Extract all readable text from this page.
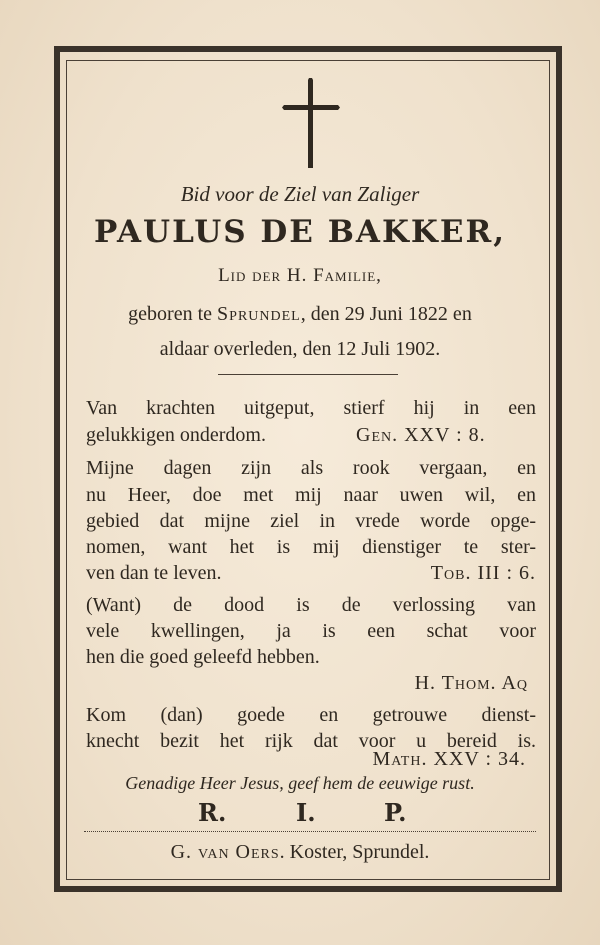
Bid voor de Ziel van Zaliger
PAULUS DE BAKKER,
Lid der H. Familie,
geboren te Sprundel, den 29 Juni 1822 en
aldaar overleden, den 12 Juli 1902.
Van krachten uitgeput, stierf hij in een
gelukkigen onderdom.	Gen. XXV : 8.
Mijne dagen zijn als rook vergaan, en
nu Heer, doe met mij naar uwen wil, en
gebied dat mijne ziel in vrede worde opge-
nomen, want het is mij dienstiger te ster-
ven dan te leven.	Tob. III : 6.
(Want) de dood is de verlossing van
vele kwellingen, ja is een schat voor
hen die goed geleefd hebben.
H. Thom. Aq
Kom (dan) goede en getrouwe dienst-
knecht bezit het rijk dat voor u bereid is.
Math. XXV : 34.
Genadige Heer Jesus, geef hem de eeuwige rust.
R.	I.	P.
G. van Oers. Koster, Sprundel.
